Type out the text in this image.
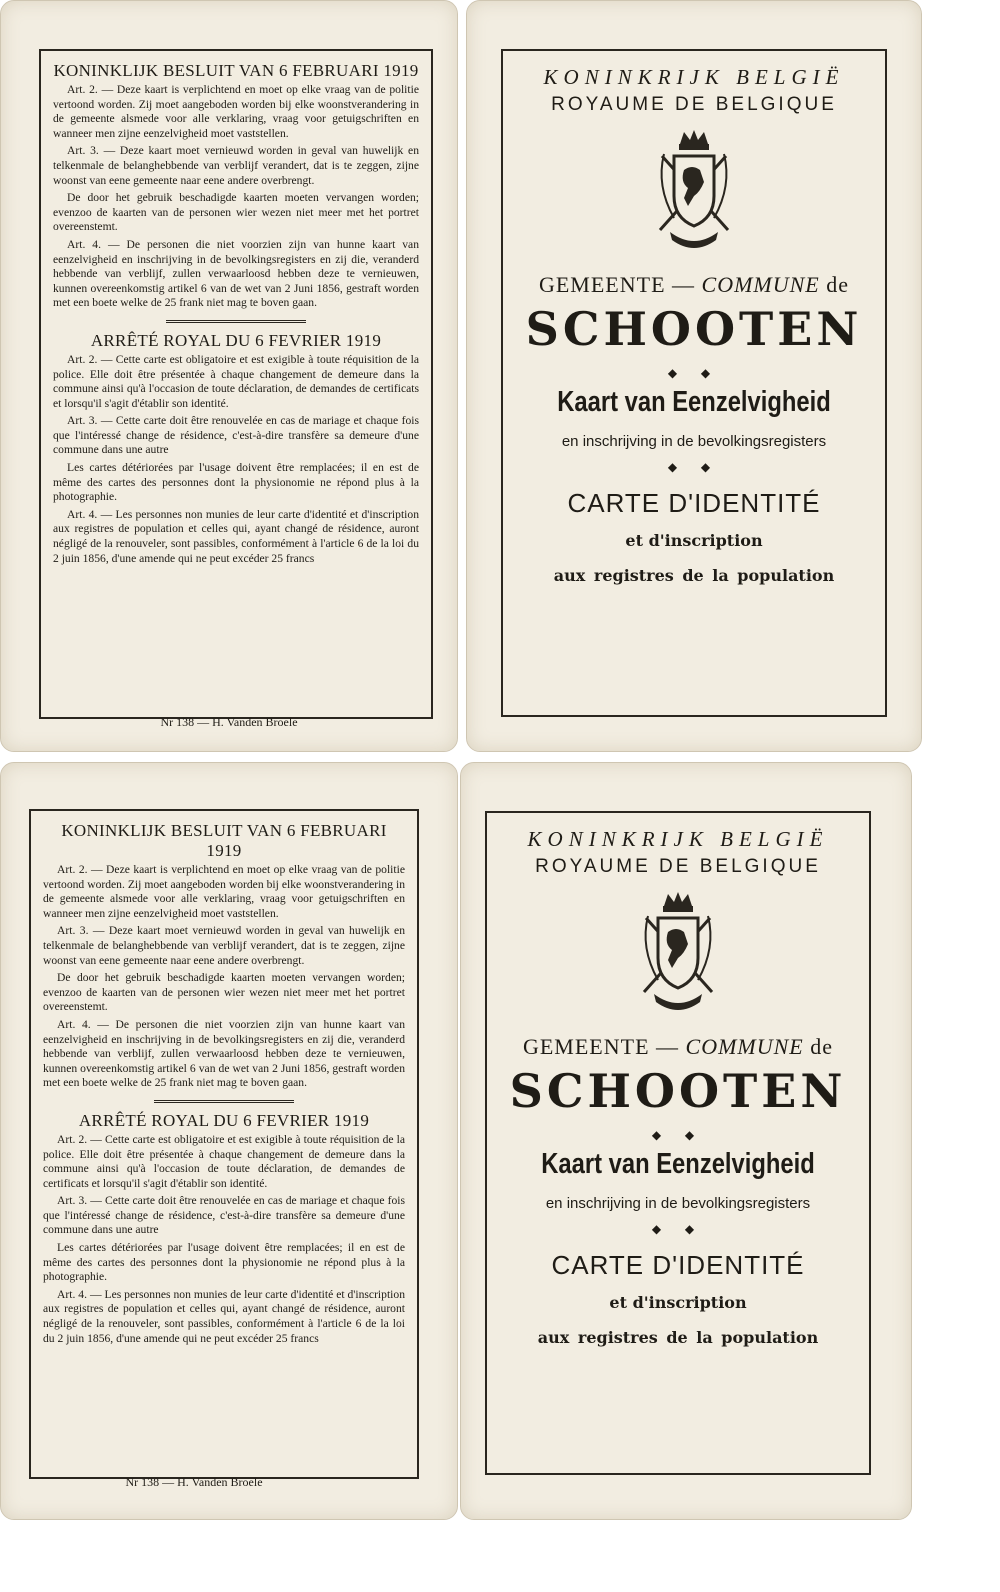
KONINKLIJK BESLUIT VAN 6 FEBRUARI 1919

Art. 2. — Deze kaart is verplichtend en moet op elke vraag van de politie vertoond worden. Zij moet aangeboden worden bij elke woonstverandering in de gemeente alsmede voor alle verklaring, vraag voor getuigschriften en wanneer men zijne eenzelvigheid moet vaststellen.

Art. 3. — Deze kaart moet vernieuwd worden in geval van huwelijk en telkenmale de belanghebbende van verblijf verandert, dat is te zeggen, zijne woonst van eene gemeente naar eene andere overbrengt.

De door het gebruik beschadigde kaarten moeten vervangen worden; evenzoo de kaarten van de personen wier wezen niet meer met het portret overeenstemt.

Art. 4. — De personen die niet voorzien zijn van hunne kaart van eenzelvigheid en inschrijving in de bevolkingsregisters en zij die, veranderd hebbende van verblijf, zullen verwaarloosd hebben deze te vernieuwen, kunnen overeenkomstig artikel 6 van de wet van 2 Juni 1856, gestraft worden met een boete welke de 25 frank niet mag te boven gaan.

ARRÊTÉ ROYAL DU 6 FEVRIER 1919

Art. 2. — Cette carte est obligatoire et est exigible à toute réquisition de la police. Elle doit être présentée à chaque changement de demeure dans la commune ainsi qu'à l'occasion de toute déclaration, de demandes de certificats et lorsqu'il s'agit d'établir son identité.

Art. 3. — Cette carte doit être renouvelée en cas de mariage et chaque fois que l'intéressé change de résidence, c'est-à-dire transfère sa demeure d'une commune dans une autre

Les cartes détériorées par l'usage doivent être remplacées; il en est de même des cartes des personnes dont la physionomie ne répond plus à la photographie.

Art. 4. — Les personnes non munies de leur carte d'identité et d'inscription aux registres de population et celles qui, ayant changé de résidence, auront négligé de la renouveler, sont passibles, conformément à l'article 6 de la loi du 2 juin 1856, d'une amende qui ne peut excéder 25 francs

Nr 138 — H. Vanden Broele
KONINKRIJK BELGIË
ROYAUME DE BELGIQUE
GEMEENTE — COMMUNE de
SCHOOTEN
◆ ◆
Kaart van Eenzelvigheid
en inschrijving in de bevolkingsregisters
◆ ◆
CARTE D'IDENTITÉ
et d'inscription
aux registres de la population

KONINKLIJK BESLUIT VAN 6 FEBRUARI 1919

Art. 2. — Deze kaart is verplichtend en moet op elke vraag van de politie vertoond worden. Zij moet aangeboden worden bij elke woonstverandering in de gemeente alsmede voor alle verklaring, vraag voor getuigschriften en wanneer men zijne eenzelvigheid moet vaststellen.

Art. 3. — Deze kaart moet vernieuwd worden in geval van huwelijk en telkenmale de belanghebbende van verblijf verandert, dat is te zeggen, zijne woonst van eene gemeente naar eene andere overbrengt.

De door het gebruik beschadigde kaarten moeten vervangen worden; evenzoo de kaarten van de personen wier wezen niet meer met het portret overeenstemt.

Art. 4. — De personen die niet voorzien zijn van hunne kaart van eenzelvigheid en inschrijving in de bevolkingsregisters en zij die, veranderd hebbende van verblijf, zullen verwaarloosd hebben deze te vernieuwen, kunnen overeenkomstig artikel 6 van de wet van 2 Juni 1856, gestraft worden met een boete welke de 25 frank niet mag te boven gaan.

ARRÊTÉ ROYAL DU 6 FEVRIER 1919

Art. 2. — Cette carte est obligatoire et est exigible à toute réquisition de la police. Elle doit être présentée à chaque changement de demeure dans la commune ainsi qu'à l'occasion de toute déclaration, de demandes de certificats et lorsqu'il s'agit d'établir son identité.

Art. 3. — Cette carte doit être renouvelée en cas de mariage et chaque fois que l'intéressé change de résidence, c'est-à-dire transfère sa demeure d'une commune dans une autre

Les cartes détériorées par l'usage doivent être remplacées; il en est de même des cartes des personnes dont la physionomie ne répond plus à la photographie.

Art. 4. — Les personnes non munies de leur carte d'identité et d'inscription aux registres de population et celles qui, ayant changé de résidence, auront négligé de la renouveler, sont passibles, conformément à l'article 6 de la loi du 2 juin 1856, d'une amende qui ne peut excéder 25 francs

Nr 138 — H. Vanden Broele
KONINKRIJK BELGIË
ROYAUME DE BELGIQUE
GEMEENTE — COMMUNE de
SCHOOTEN
◆ ◆
Kaart van Eenzelvigheid
en inschrijving in de bevolkingsregisters
◆ ◆
CARTE D'IDENTITÉ
et d'inscription
aux registres de la population
